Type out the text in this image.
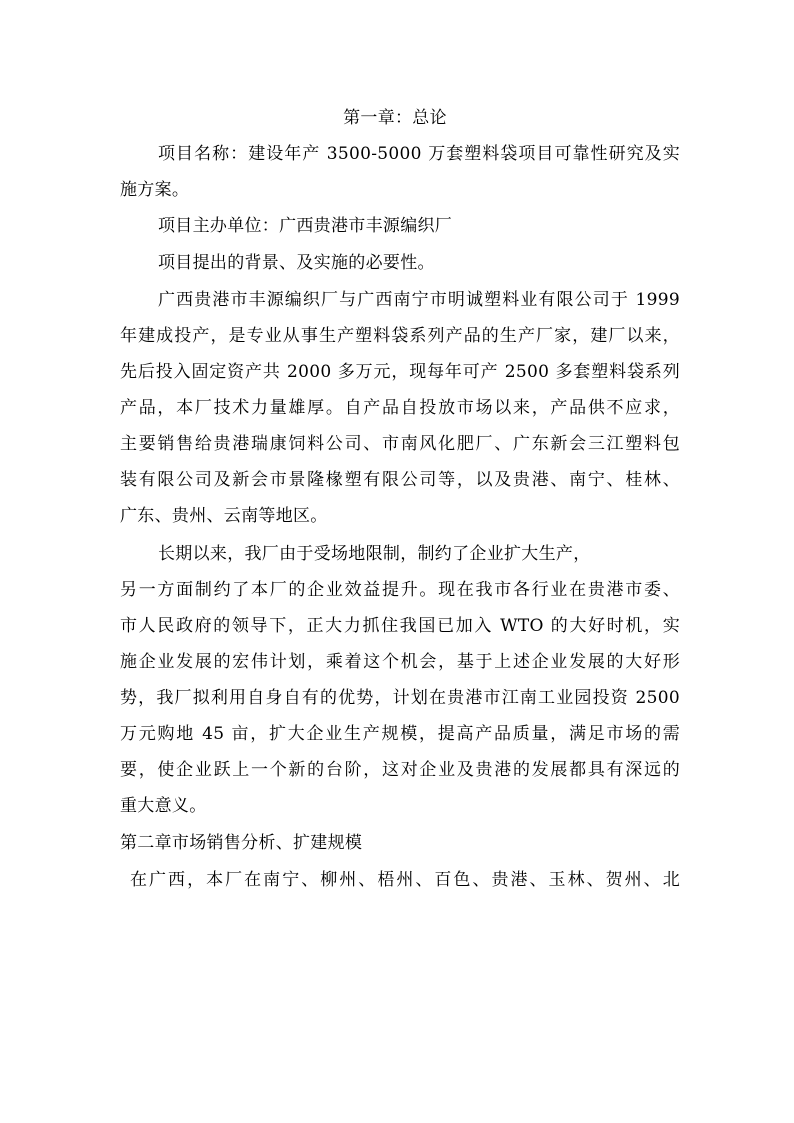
第一章：总论
项目名称：建设年产 3500-5000 万套塑料袋项目可靠性研究及实
施方案。
项目主办单位：广西贵港市丰源编织厂
项目提出的背景、及实施的必要性。
广西贵港市丰源编织厂与广西南宁市明诚塑料业有限公司于 1999
年建成投产，是专业从事生产塑料袋系列产品的生产厂家，建厂以来，
先后投入固定资产共 2000 多万元，现每年可产 2500 多套塑料袋系列
产品，本厂技术力量雄厚。自产品自投放市场以来，产品供不应求，
主要销售给贵港瑞康饲料公司、市南风化肥厂、广东新会三江塑料包
装有限公司及新会市景隆椽塑有限公司等，以及贵港、南宁、桂林、
广东、贵州、云南等地区。
长期以来，我厂由于受场地限制，制约了企业扩大生产，
另一方面制约了本厂的企业效益提升。现在我市各行业在贵港市委、
市人民政府的领导下，正大力抓住我国已加入 WTO 的大好时机，实
施企业发展的宏伟计划，乘着这个机会，基于上述企业发展的大好形
势，我厂拟利用自身自有的优势，计划在贵港市江南工业园投资 2500
万元购地 45 亩，扩大企业生产规模，提高产品质量，满足市场的需
要，使企业跃上一个新的台阶，这对企业及贵港的发展都具有深远的
重大意义。
第二章市场销售分析、扩建规模
在广西，本厂在南宁、柳州、梧州、百色、贵港、玉林、贺州、北
